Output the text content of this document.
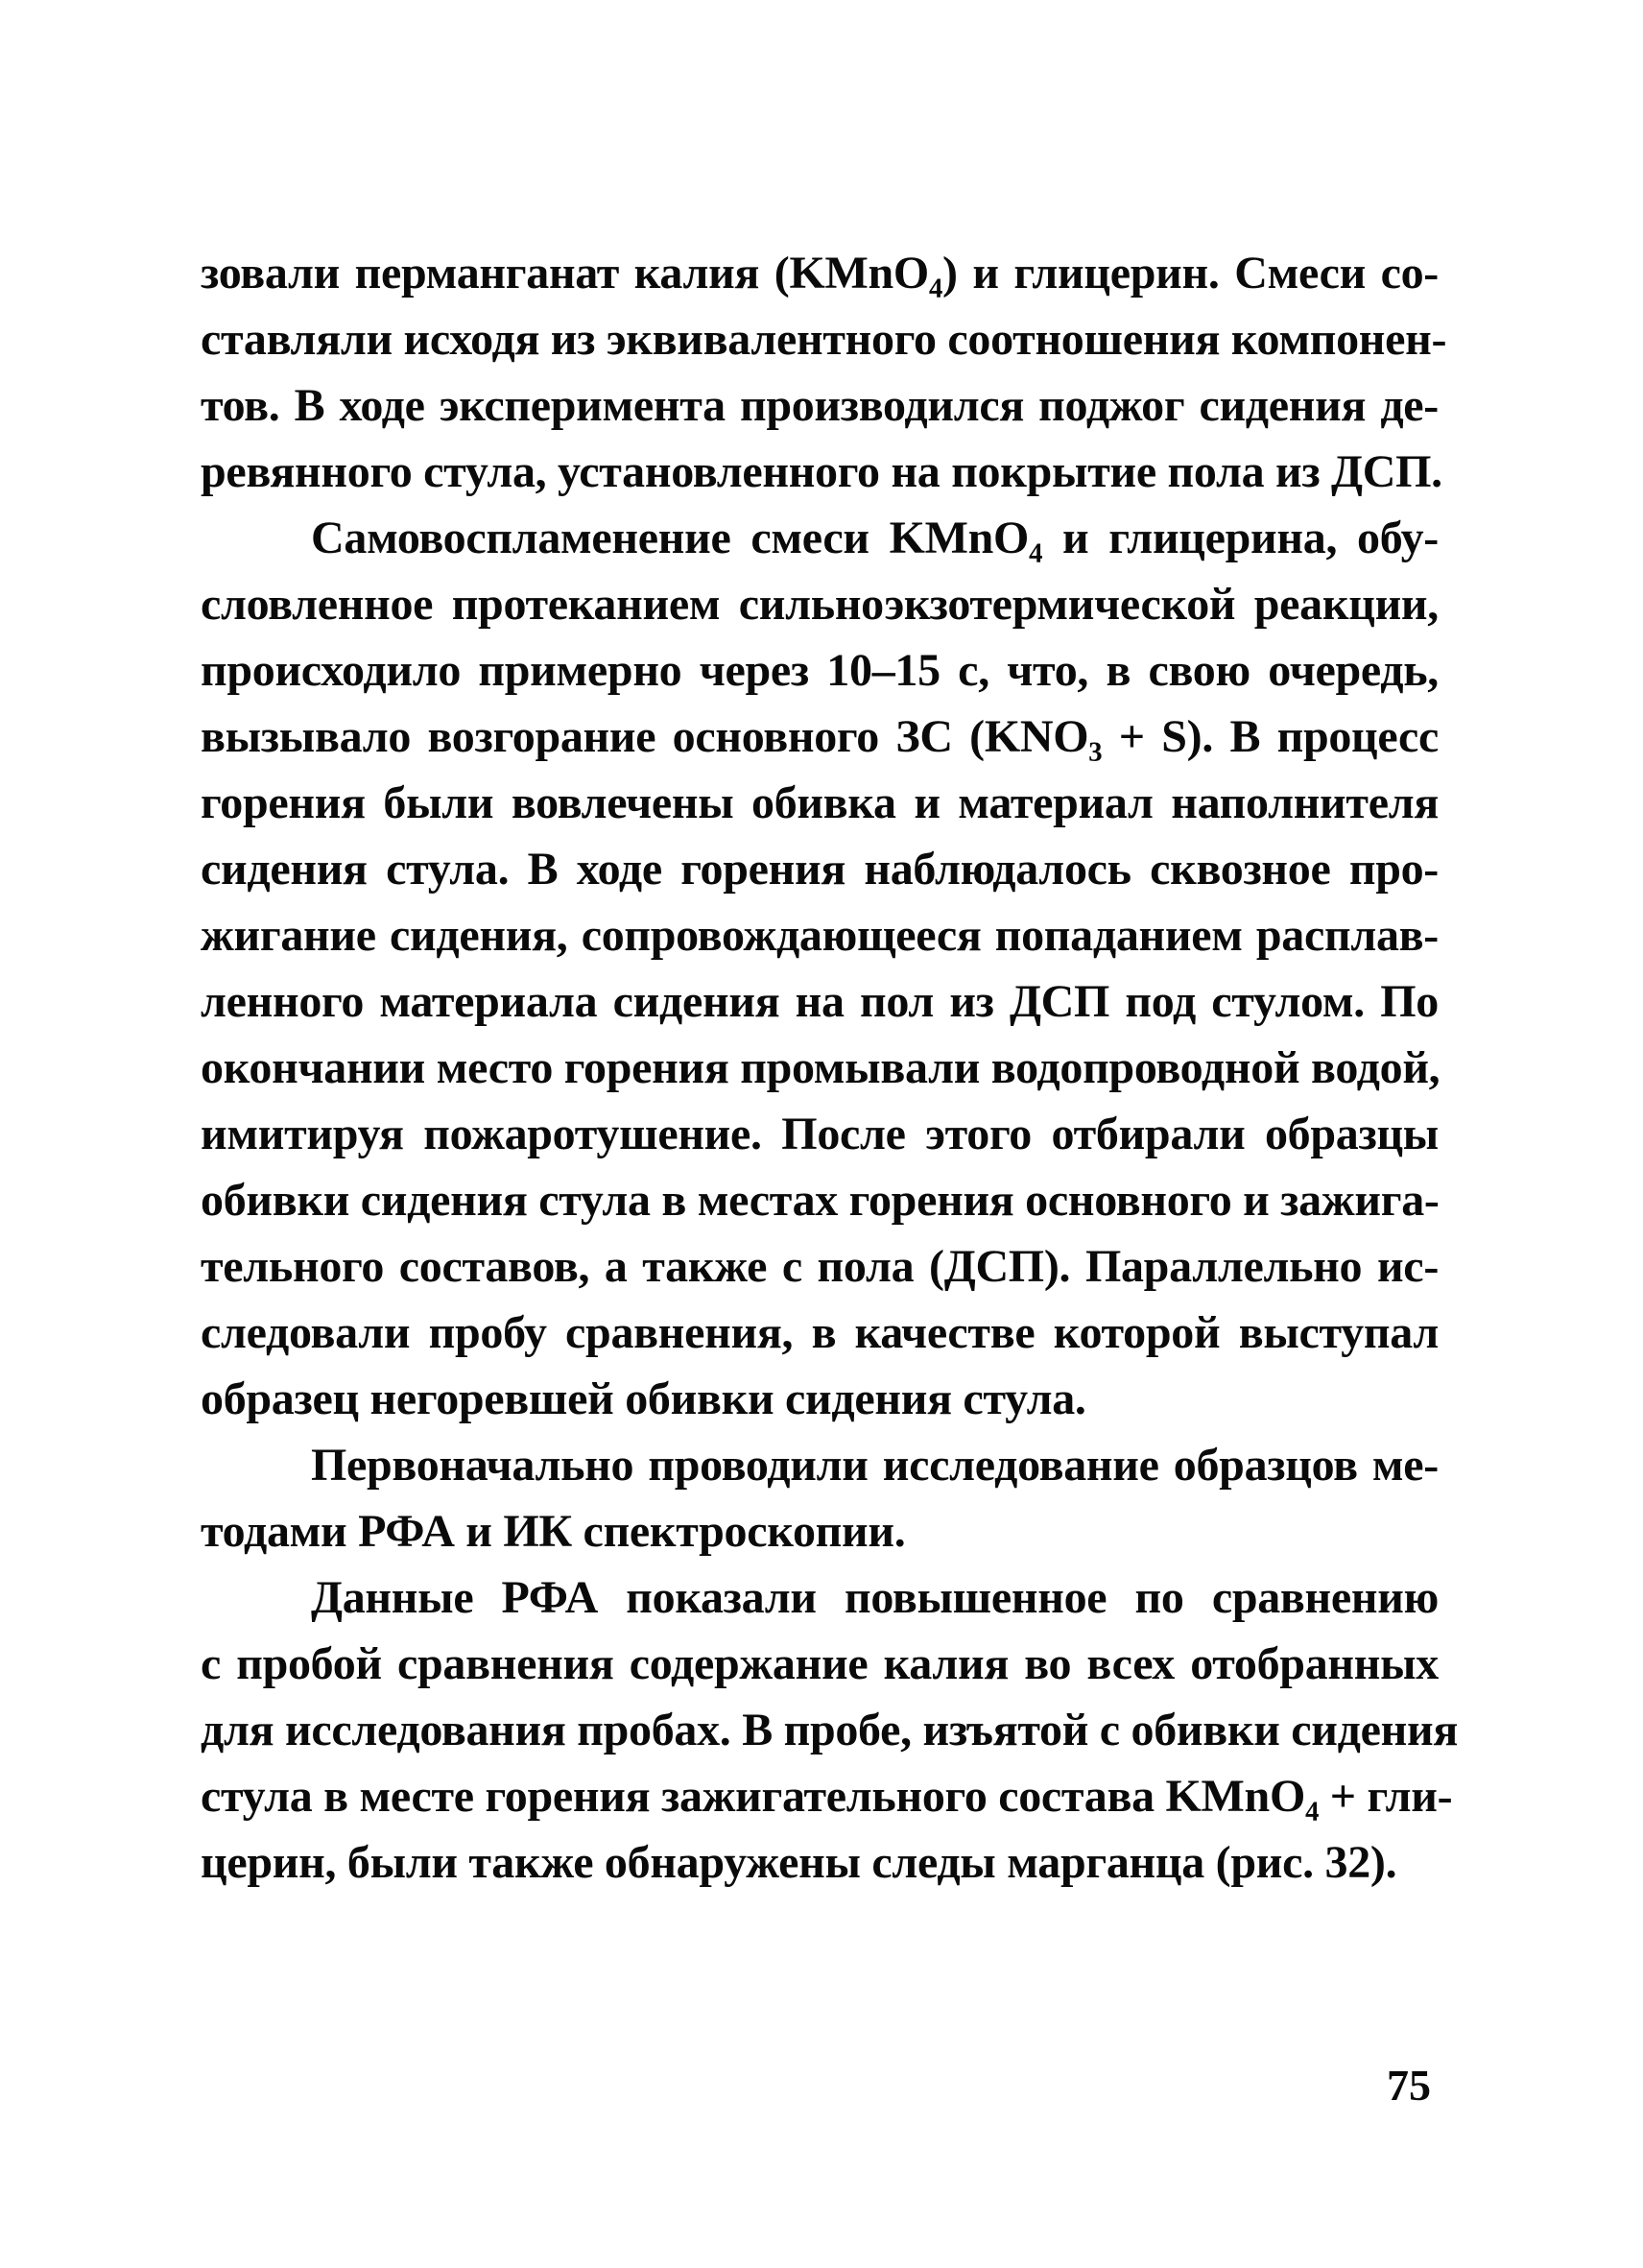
зовали перманганат калия (KMnO₄) и глицерин. Смеси со-
ставляли исходя из эквивалентного соотношения компонен-
тов. В ходе эксперимента производился поджог сидения де-
ревянного стула, установленного на покрытие пола из ДСП.
Самовоспламенение смеси KMnO₄ и глицерина, обу-
словленное протеканием сильноэкзотермической реакции,
происходило примерно через 10–15 с, что, в свою очередь,
вызывало возгорание основного ЗС (KNO₃ + S). В процесс
горения были вовлечены обивка и материал наполнителя
сидения стула. В ходе горения наблюдалось сквозное про-
жигание сидения, сопровождающееся попаданием расплав-
ленного материала сидения на пол из ДСП под стулом. По
окончании место горения промывали водопроводной водой,
имитируя пожаротушение. После этого отбирали образцы
обивки сидения стула в местах горения основного и зажига-
тельного составов, а также с пола (ДСП). Параллельно ис-
следовали пробу сравнения, в качестве которой выступал
образец негоревшей обивки сидения стула.
Первоначально проводили исследование образцов ме-
тодами РФА и ИК спектроскопии.
Данные РФА показали повышенное по сравнению
с пробой сравнения содержание калия во всех отобранных
для исследования пробах. В пробе, изъятой с обивки сидения
стула в месте горения зажигательного состава KMnO₄ + гли-
церин, были также обнаружены следы марганца (рис. 32).
75
